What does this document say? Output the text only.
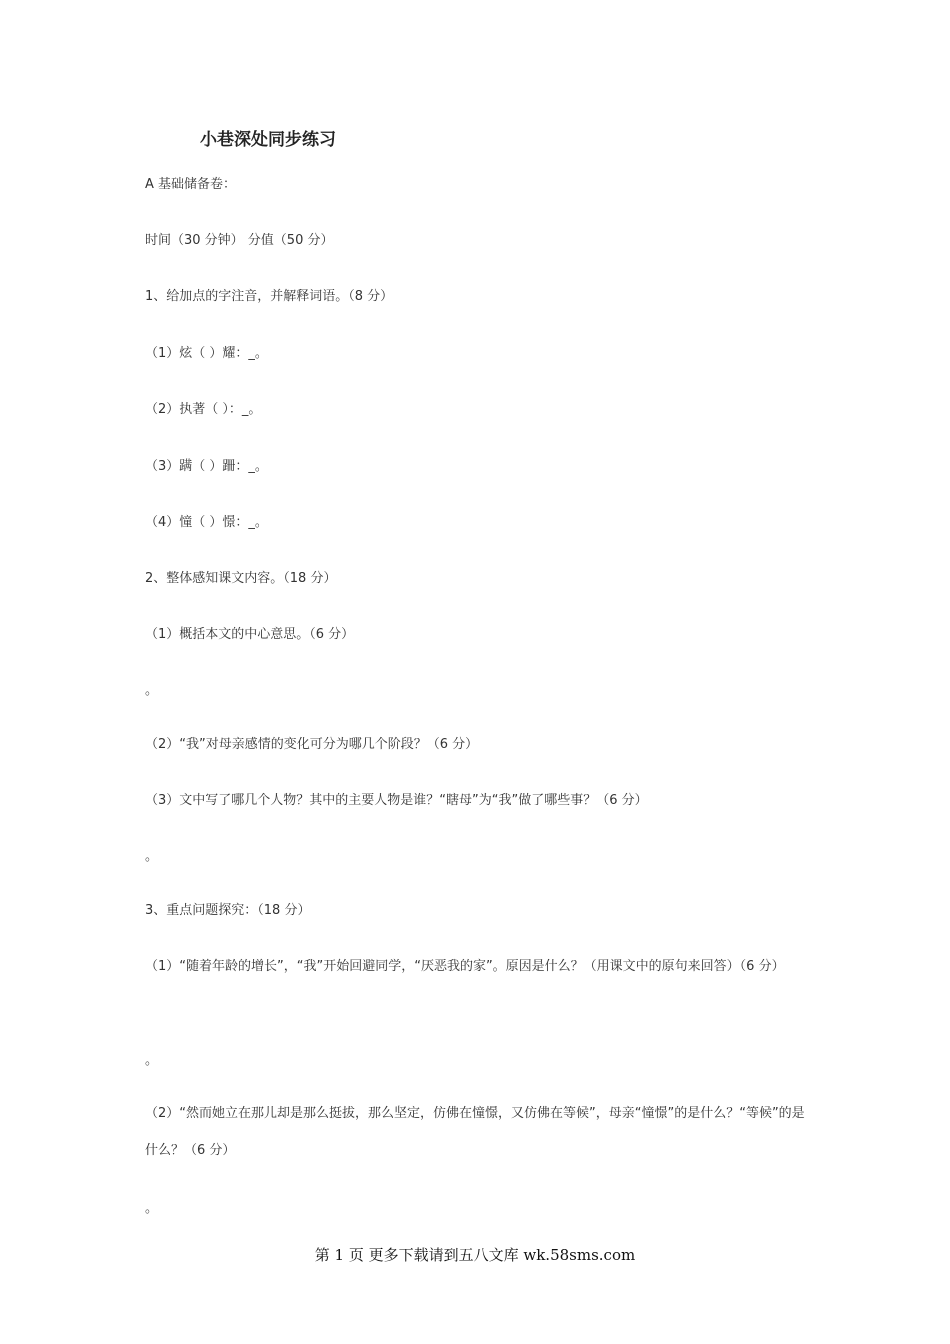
小巷深处同步练习
A 基础储备卷：
时间（30 分钟） 分值（50 分）
1、给加点的字注音，并解释词语。（8 分）
（1）炫（ ）耀：_。
（2）执著（ ）：_。
（3）蹒（ ）跚：_。
（4）憧（ ）憬：_。
2、整体感知课文内容。（18 分）
（1）概括本文的中心意思。（6 分）
。
（2）“我”对母亲感情的变化可分为哪几个阶段？（6 分）
（3）文中写了哪几个人物？其中的主要人物是谁？“瞎母”为“我”做了哪些事？（6 分）
。
3、重点问题探究：（18 分）
（1）“随着年龄的增长”，“我”开始回避同学，“厌恶我的家”。原因是什么？（用课文中的原句来回答）（6 分）
。
（2）“然而她立在那儿却是那么挺拔，那么坚定，仿佛在憧憬，又仿佛在等候”，母亲“憧憬”的是什么？“等候”的是什么？（6 分）
。
第 1 页 更多下载请到五八文库 wk.58sms.com
